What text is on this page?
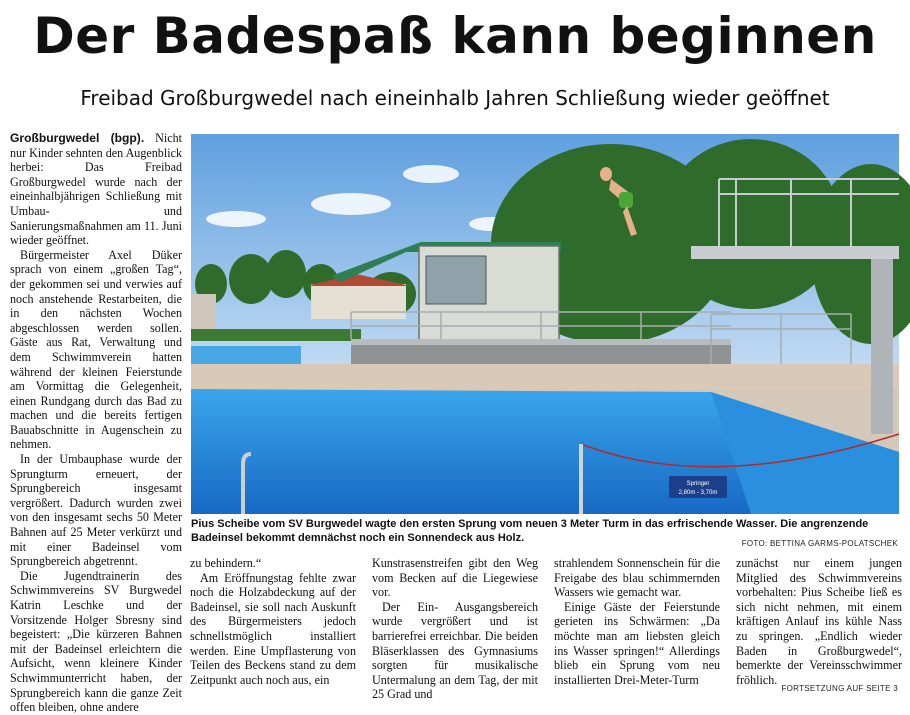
Der Badespaß kann beginnen
Freibad Großburgwedel nach eineinhalb Jahren Schließung wieder geöffnet

Großburgwedel (bgp). Nicht nur Kinder sehnten den Augenblick herbei: Das Freibad Großburgwedel wurde nach der eineinhalbjährigen Schließung mit Umbau- und Sanierungsmaßnahmen am 11. Juni wieder geöffnet.

Bürgermeister Axel Düker sprach von einem „großen Tag“, der gekommen sei und verwies auf noch anstehende Restarbeiten, die in den nächsten Wochen abgeschlossen werden sollen. Gäste aus Rat, Verwaltung und dem Schwimmverein hatten während der kleinen Feierstunde am Vormittag die Gelegenheit, einen Rundgang durch das Bad zu machen und die bereits fertigen Bauabschnitte in Augenschein zu nehmen.

In der Umbauphase wurde der Sprungturm erneuert, der Sprungbereich insgesamt vergrößert. Dadurch wurden zwei von den insgesamt sechs 50 Meter Bahnen auf 25 Meter verkürzt und mit einer Badeinsel vom Sprungbereich abgetrennt.

Die Jugendtrainerin des Schwimmvereins SV Burgwedel Katrin Leschke und der Vorsitzende Holger Sbresny sind begeistert: „Die kürzeren Bahnen mit der Badeinsel erleichtern die Aufsicht, wenn kleinere Kinder Schwimmunterricht haben, der Sprungbereich kann die ganze Zeit offen bleiben, ohne andere

Springer
2,80m - 3,70m
Pius Scheibe vom SV Burgwedel wagte den ersten Sprung vom neuen 3 Meter Turm in das erfrischende Wasser. Die angrenzende Badeinsel bekommt demnächst noch ein Sonnendeck aus Holz.	FOTO: BETTINA GARMS-POLATSCHEK

zu behindern.“

Am Eröffnungstag fehlte zwar noch die Holzabdeckung auf der Badeinsel, sie soll nach Auskunft des Bürgermeisters jedoch schnellstmöglich installiert werden. Eine Umpflasterung von Teilen des Beckens stand zu dem Zeitpunkt auch noch aus, ein

Kunstrasenstreifen gibt den Weg vom Becken auf die Liegewiese vor.

Der Ein- Ausgangsbereich wurde vergrößert und ist barrierefrei erreichbar. Die beiden Bläserklassen des Gymnasiums sorgten für musikalische Untermalung an dem Tag, der mit 25 Grad und

strahlendem Sonnenschein für die Freigabe des blau schimmernden Wassers wie gemacht war.

Einige Gäste der Feierstunde gerieten ins Schwärmen: „Da möchte man am liebsten gleich ins Wasser springen!“ Allerdings blieb ein Sprung vom neu installierten Drei-Meter-Turm

zunächst nur einem jungen Mitglied des Schwimmvereins vorbehalten: Pius Scheibe ließ es sich nicht nehmen, mit einem kräftigen Anlauf ins kühle Nass zu springen. „Endlich wieder Baden in Großburgwedel“, bemerkte der Vereinsschwimmer fröhlich.

FORTSETZUNG AUF SEITE 3
